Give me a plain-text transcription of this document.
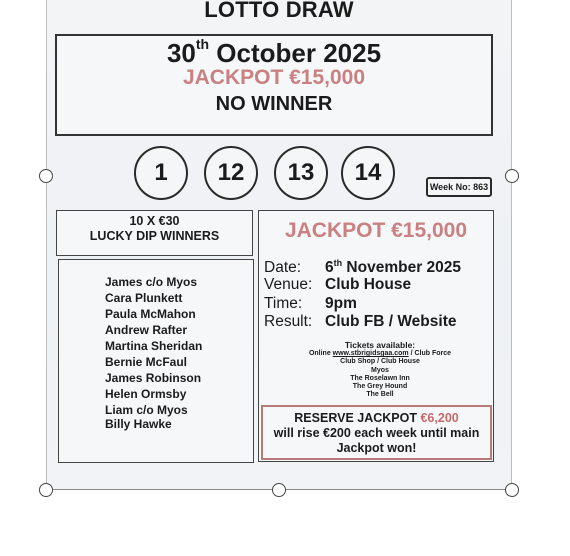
LOTTO DRAW
30th October 2025
JACKPOT €15,000
NO WINNER
1	12	13	14
Week No: 863
10 X €30
LUCKY DIP WINNERS
James c/o Myos
Cara Plunkett
Paula McMahon
Andrew Rafter
Martina Sheridan
Bernie McFaul
James Robinson
Helen Ormsby
Liam c/o Myos
Billy Hawke
JACKPOT €15,000
Date: 6th November 2025
Venue: Club House
Time: 9pm
Result: Club FB / Website
Tickets available:
Online www.stbrigidsgaa.com / Club Force
Club Shop / Club House
Myos
The Roselawn Inn
The Grey Hound
The Bell
RESERVE JACKPOT €6,200
will rise €200 each week until main
Jackpot won!
